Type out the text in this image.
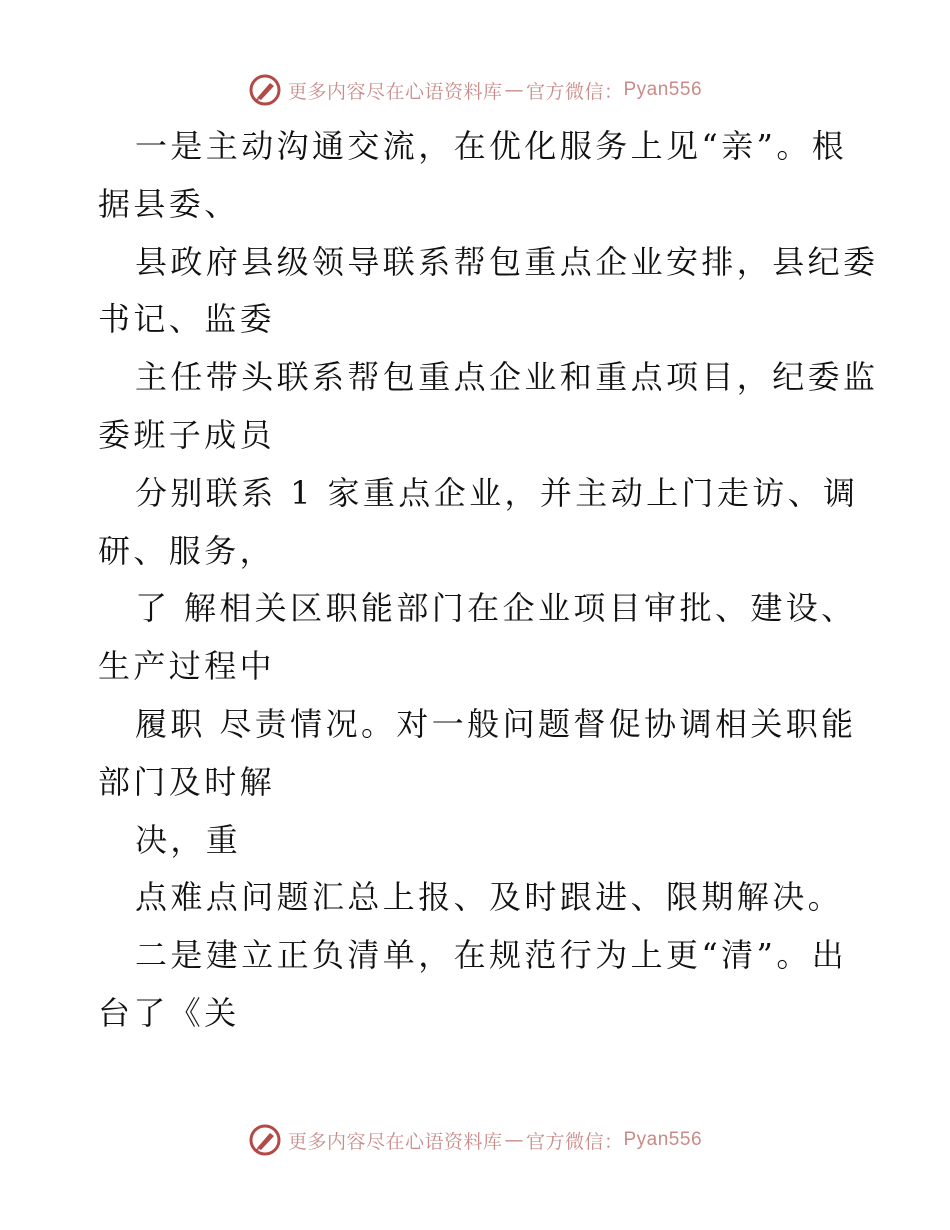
更多内容尽在心语资料库 — 官方微信： Pyan556
一是主动沟通交流，在优化服务上见“亲”。根
据县委、
县政府县级领导联系帮包重点企业安排，县纪委
书记、监委
主任带头联系帮包重点企业和重点项目，纪委监
委班子成员
分别联系 1 家重点企业，并主动上门走访、调
研、服务，
了 解相关区职能部门在企业项目审批、建设、
生产过程中
履职 尽责情况。对一般问题督促协调相关职能
部门及时解
决，重
点难点问题汇总上报、及时跟进、限期解决。
二是建立正负清单，在规范行为上更“清”。出
台了《关
更多内容尽在心语资料库 — 官方微信： Pyan556
